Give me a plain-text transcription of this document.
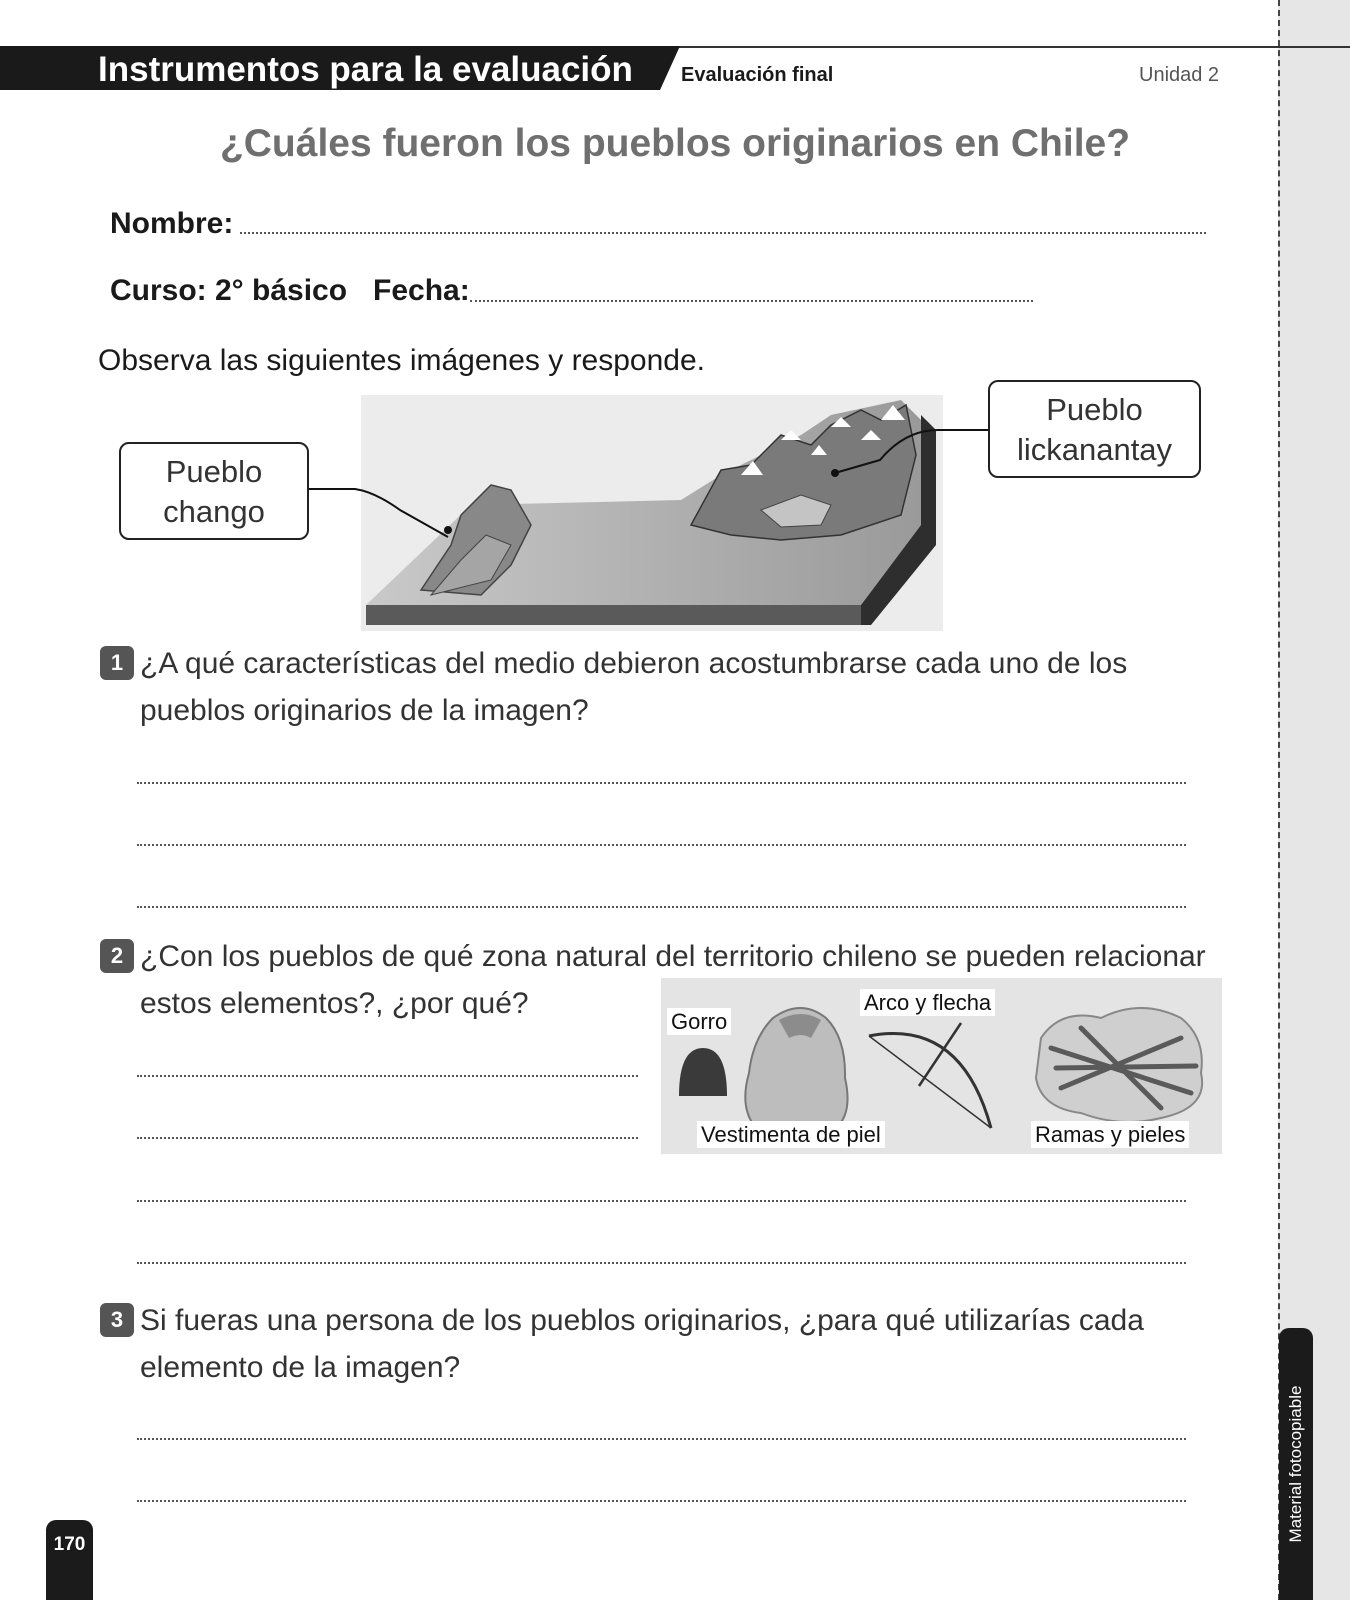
Material fotocopiable
Instrumentos para la evaluación Evaluación final	Unidad 2
¿Cuáles fueron los pueblos originarios en Chile?
Nombre:
Curso: 2° básico Fecha:
Observa las siguientes imágenes y responde.
Pueblo
chango
Pueblo
lickanantay
1 ¿A qué características del medio debieron acostumbrarse cada uno de los
pueblos originarios de la imagen?
2 ¿Con los pueblos de qué zona natural del territorio chileno se pueden relacionar
estos elementos?, ¿por qué?
Gorro
Arco y flecha
Vestimenta de piel	Ramas y pieles
3 Si fueras una persona de los pueblos originarios, ¿para qué utilizarías cada
elemento de la imagen?
170
